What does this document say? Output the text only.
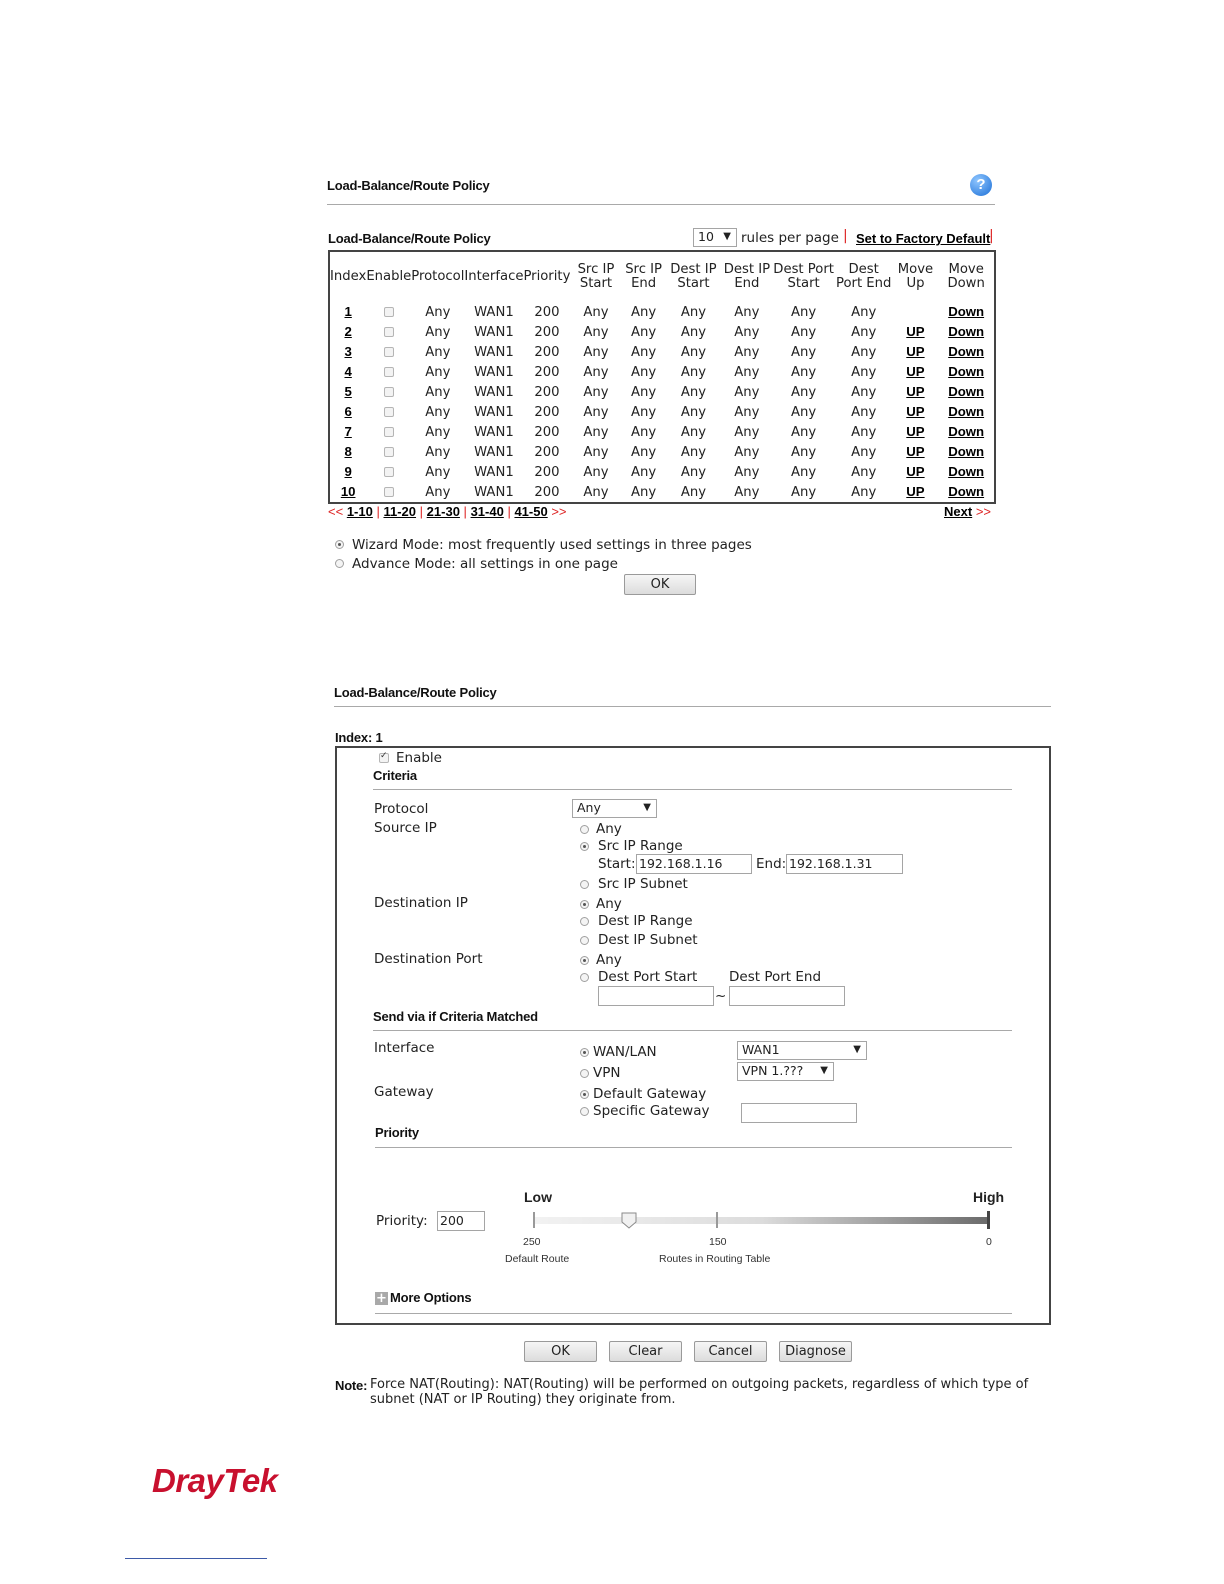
Load-Balance/Route Policy	?
Load-Balance/Route Policy	10 ▼ rules per page | Set to Factory Default
|
Index	Enable	Protocol	Interface	Priority	Src IP Start	Src IP End	Dest IP Start	Dest IP End	Dest Port Start	Dest Port End	Move Up	Move Down
1		Any	WAN1	200	Any	Any	Any	Any	Any	Any		Down
2		Any	WAN1	200	Any	Any	Any	Any	Any	Any	UP	Down
3		Any	WAN1	200	Any	Any	Any	Any	Any	Any	UP	Down
4		Any	WAN1	200	Any	Any	Any	Any	Any	Any	UP	Down
5		Any	WAN1	200	Any	Any	Any	Any	Any	Any	UP	Down
6		Any	WAN1	200	Any	Any	Any	Any	Any	Any	UP	Down
7		Any	WAN1	200	Any	Any	Any	Any	Any	Any	UP	Down
8		Any	WAN1	200	Any	Any	Any	Any	Any	Any	UP	Down
9		Any	WAN1	200	Any	Any	Any	Any	Any	Any	UP	Down
10		Any	WAN1	200	Any	Any	Any	Any	Any	Any	UP	Down
<< 1-10 | 11-20 | 21-30 | 31-40 | 41-50 >>	Next >>
Wizard Mode: most frequently used settings in three pages
Advance Mode: all settings in one page
OK
Load-Balance/Route Policy
Index: 1
✓
Enable
Criteria
Protocol	Any	▼
Source IP	Any
Src IP Range
Start: 192.168.1.16	End: 192.168.1.31
Src IP Subnet
Destination IP	Any
Dest IP Range
Dest IP Subnet
Destination Port	Any
Dest Port Start Dest Port End
~
Send via if Criteria Matched
Interface	WAN/LAN	WAN1	▼
VPN	VPN 1.??? ▼
Gateway	Default Gateway
Specific Gateway
Priority
Low	High
Priority: 200
250	150	0
Default Route	Routes in Routing Table
+ More Options
OK	Clear	Cancel	Diagnose
Note: Force NAT(Routing): NAT(Routing) will be performed on outgoing packets, regardless of which type of
subnet (NAT or IP Routing) they originate from.
DrayTek
